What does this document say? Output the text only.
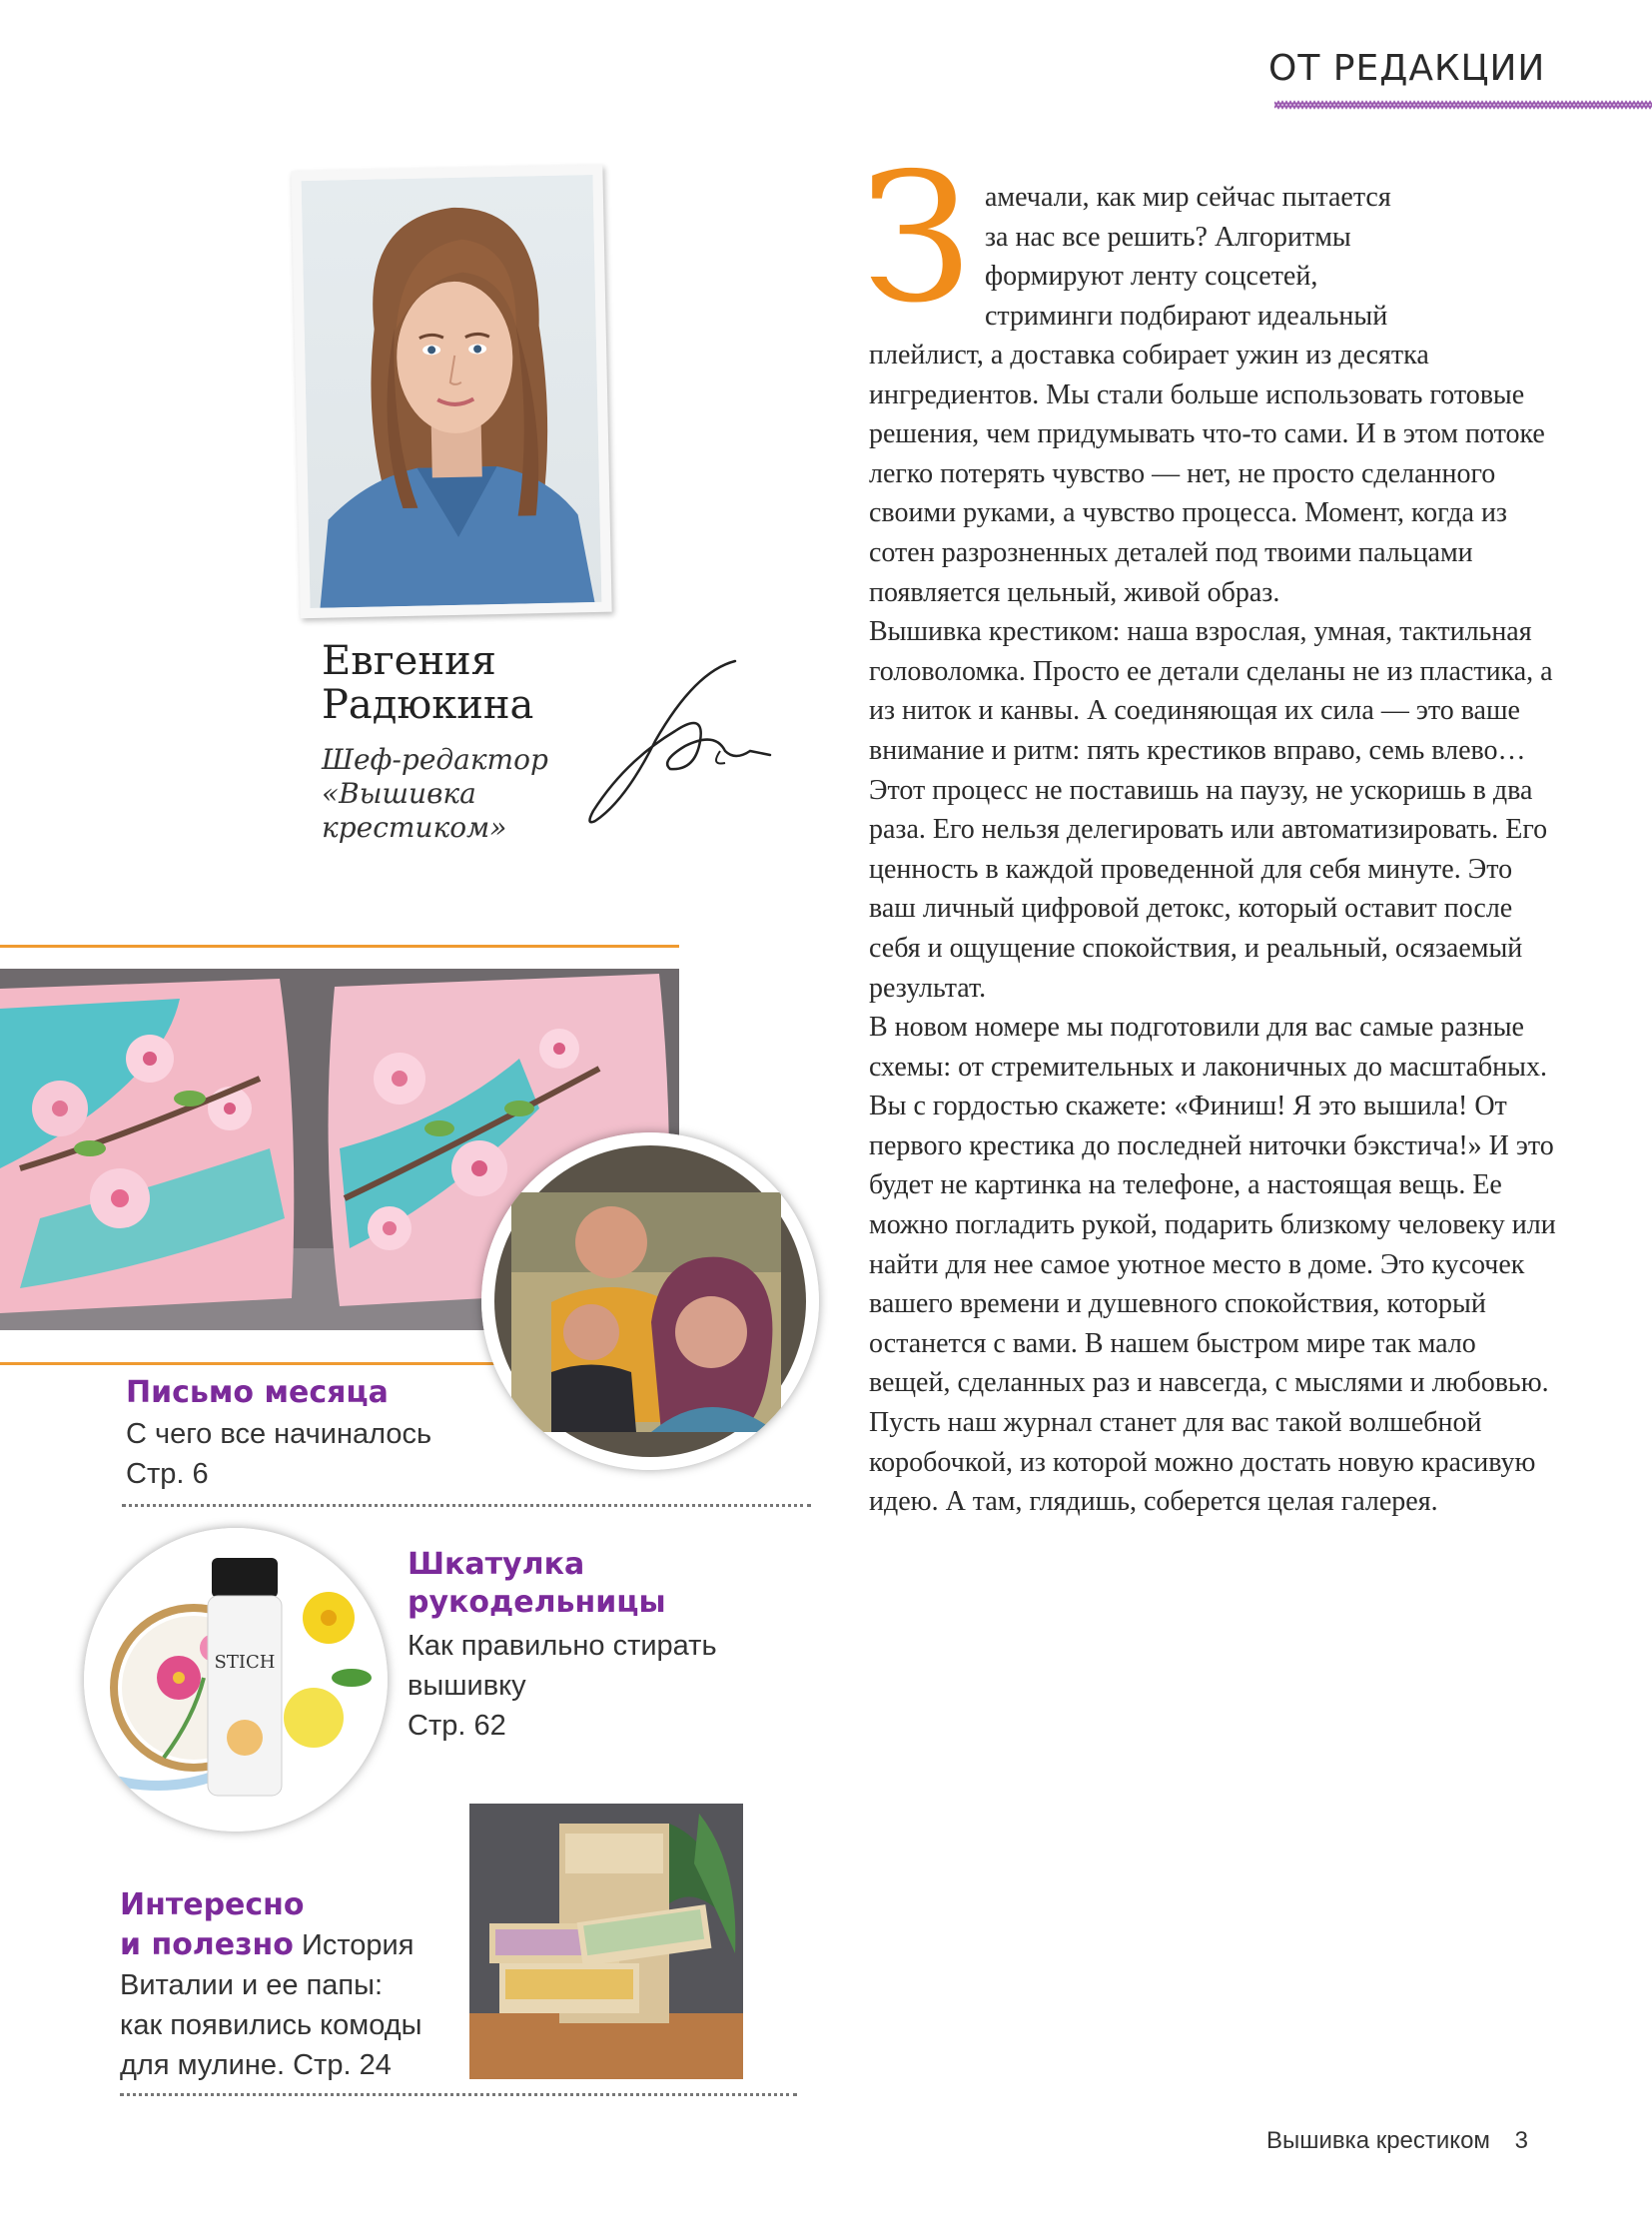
ОТ РЕДАКЦИИ
Евгения
Радюкина
Шеф-редактор
«Вышивка
крестиком»
З амечали, как мир сейчас пытается
за нас все решить? Алгоритмы
формируют ленту соцсетей,
стриминги подбирают идеальный

плейлист, а доставка собирает ужин из десятка ингредиентов. Мы стали больше использовать готовые решения, чем придумывать что-то сами. И в этом потоке легко потерять чувство — нет, не просто сделанного своими руками, а чувство процесса. Момент, когда из сотен разрозненных деталей под твоими пальцами появляется цельный, живой образ.

Вышивка крестиком: наша взрослая, умная, тактильная головоломка. Просто ее детали сделаны не из пластика, а из ниток и канвы. А соединяющая их сила — это ваше внимание и ритм: пять крестиков вправо, семь влево… Этот процесс не поставишь на паузу, не ускоришь в два раза. Его нельзя делегировать или автоматизировать. Его ценность в каждой проведенной для себя минуте. Это ваш личный цифровой детокс, который оставит после себя и ощущение спокойствия, и реальный, осязаемый результат.

В новом номере мы подготовили для вас самые разные схемы: от стремительных и лаконичных до масштабных. Вы с гордостью скажете: «Финиш! Я это вышила! От первого крестика до последней ниточки бэкстича!» И это будет не картинка на телефоне, а настоящая вещь. Ее можно погладить рукой, подарить близкому человеку или найти для нее самое уютное место в доме. Это кусочек вашего времени и душевного спокойствия, который останется с вами. В нашем быстром мире так мало вещей, сделанных раз и навсегда, с мыслями и любовью.

Пусть наш журнал станет для вас такой волшебной коробочкой, из которой можно достать новую красивую идею. А там, глядишь, соберется целая галерея.

Письмо месяца
С чего все начиналось
Стр. 6
STICH
Шкатулка
рукодельницы
Как правильно стирать
вышивку
Стр. 62
Интересно
и полезно История
Виталии и ее папы:
как появились комоды
для мулине. Стр. 24
Вышивка крестиком 3
